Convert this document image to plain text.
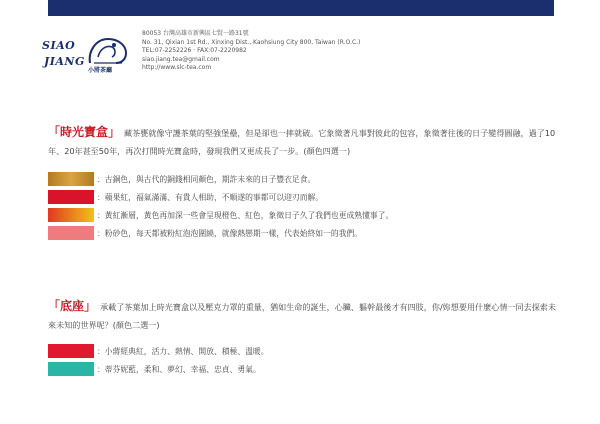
SIAO
JIANG
小將茶廳
80053 台灣高雄市新興區七賢一路31號
No. 31, Qixian 1st Rd., Xinxing Dist., Kaohsiung City 800, Taiwan (R.O.C.)
TEL:07-2252226 · FAX:07-2220982
siao.jiang.tea@gmail.com
http://www.slc-tea.com
「時光寶盒」 藏茶甕就像守護茶葉的堅強堡壘，但是卻也一摔就破。它象徵著凡事對彼此的包容，象徵著往後的日子變得圓融，過了10年、20年甚至50年，再次打開時光寶盒時，發現我們又更成長了一步。(顏色四選一)
：古銅色，與古代的銅錢相同顏色，期許未來的日子豐衣足食。
：蘋果紅，福氣滿滿、有貴人相助，不順遂的事都可以迎刃而解。
：黃紅漸層，黃色再加深一些會呈現橙色、紅色，象徵日子久了我們也更成熟懂事了。
：粉砂色，每天都被粉紅泡泡圍繞，就像熱戀期一樣，代表始終如一的我們。
「底座」 承載了茶葉加上時光寶盒以及壓克力罩的重量，猶如生命的誕生，心臟、軀幹最後才有四肢，你/妳想要用什麼心情一同去探索未來未知的世界呢？(顏色二選一)
：小蔣經典紅，活力、熱情、開放、積極、溫暖。
：蒂芬妮藍，柔和、夢幻、幸福、忠貞、勇氣。
